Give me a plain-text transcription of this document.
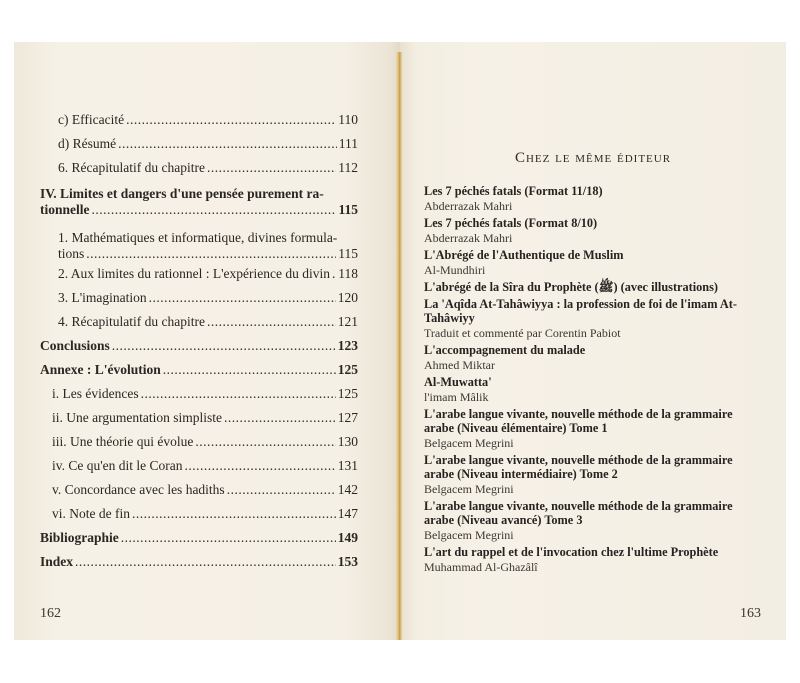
c) Efficacité .....	110
d) Résumé .....	111
6. Récapitulatif du chapitre .....	112
IV. Limites et dangers d'une pensée purement ra-
tionnelle .....	115
1. Mathématiques et informatique, divines formula-
tions .....	115
2. Aux limites du rationnel : L'expérience du divin ..... 118
3. L'imagination .....	120
4. Récapitulatif du chapitre .....	121
Conclusions .....	123
Annexe : L'évolution .....	125
i. Les évidences .....	125
ii. Une argumentation simpliste .....	127
iii. Une théorie qui évolue .....	130
iv. Ce qu'en dit le Coran .....	131
v. Concordance avec les hadiths .....	142
vi. Note de fin .....	147
Bibliographie .....	149
Index .....	153
162
Chez le même éditeur
Les 7 péchés fatals (Format 11/18)
Abderrazak Mahri
Les 7 péchés fatals (Format 8/10)
Abderrazak Mahri
L'Abrégé de l'Authentique de Muslim
Al-Mundhiri
L'abrégé de la Sîra du Prophète (ﷺ) (avec illustrations)
La 'Aqîda At-Tahâwiyya : la profession de foi de l'imam At-Tahâwiyy
Traduit et commenté par Corentin Pabiot
L'accompagnement du malade
Ahmed Miktar
Al-Muwatta'
l'imam Mâlik
L'arabe langue vivante, nouvelle méthode de la grammaire arabe (Niveau élémentaire) Tome 1
Belgacem Megrini
L'arabe langue vivante, nouvelle méthode de la grammaire arabe (Niveau intermédiaire) Tome 2
Belgacem Megrini
L'arabe langue vivante, nouvelle méthode de la grammaire arabe (Niveau avancé) Tome 3
Belgacem Megrini
L'art du rappel et de l'invocation chez l'ultime Prophète
Muhammad Al-Ghazâlî
163
